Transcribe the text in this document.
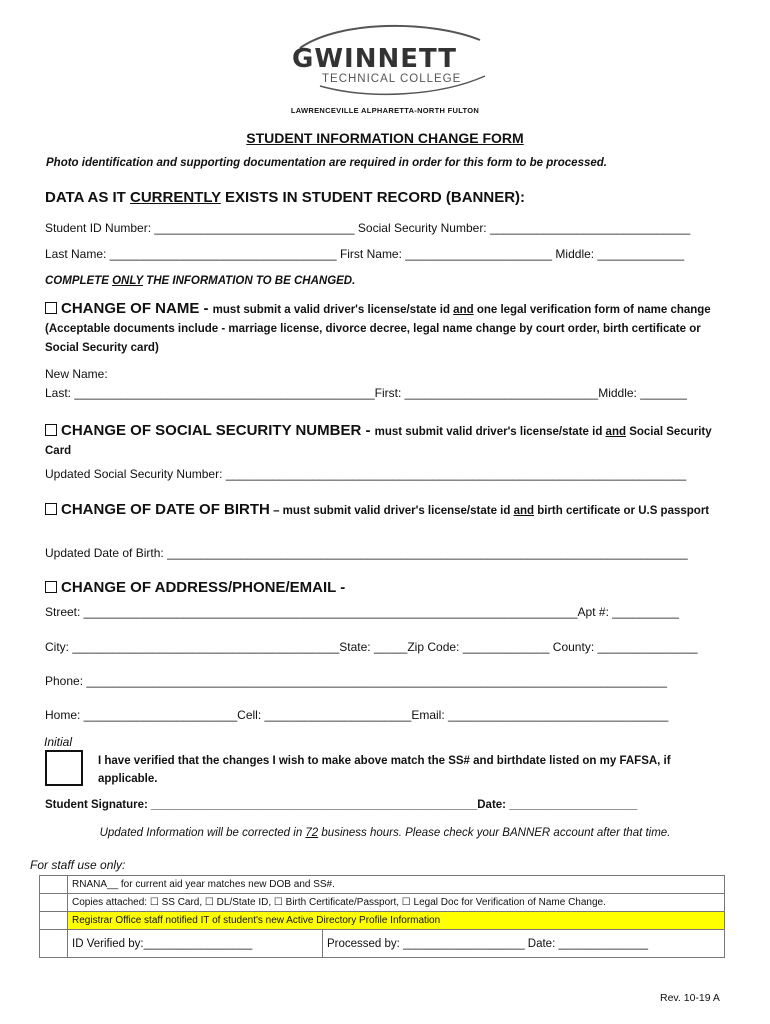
GWINNETT
TECHNICAL COLLEGE
LAWRENCEVILLE ALPHARETTA-NORTH FULTON
STUDENT INFORMATION CHANGE FORM
Photo identification and supporting documentation are required in order for this form to be processed.
DATA AS IT CURRENTLY EXISTS IN STUDENT RECORD (BANNER):
Student ID Number: ______________________________ Social Security Number: ______________________________
Last Name: __________________________________ First Name: ______________________ Middle: _____________
COMPLETE ONLY THE INFORMATION TO BE CHANGED.
CHANGE OF NAME - must submit a valid driver's license/state id and one legal verification form of name change (Acceptable documents include - marriage license, divorce decree, legal name change by court order, birth certificate or Social Security card)
New Name:
Last: _____________________________________________First: _____________________________Middle: _______
CHANGE OF SOCIAL SECURITY NUMBER - must submit valid driver's license/state id and Social Security Card
Updated Social Security Number: _____________________________________________________________________
CHANGE OF DATE OF BIRTH – must submit valid driver's license/state id and birth certificate or U.S passport
Updated Date of Birth: ______________________________________________________________________________
CHANGE OF ADDRESS/PHONE/EMAIL -
Street: __________________________________________________________________________Apt #: __________
City: ________________________________________State: _____Zip Code: _____________ County: _______________
Phone: _______________________________________________________________________________________
Home: _______________________Cell: ______________________Email: _________________________________
Initial
I have verified that the changes I wish to make above match the SS# and birthdate listed on my FAFSA, if applicable.
Student Signature: ___________________________________________________Date: ____________________
Updated Information will be corrected in 72 business hours. Please check your BANNER account after that time.
For staff use only:
	RNANA__ for current aid year matches new DOB and SS#.	
	Copies attached: ☐ SS Card, ☐ DL/State ID, ☐ Birth Certificate/Passport, ☐ Legal Doc for Verification of Name Change.	
	Registrar Office staff notified IT of student's new Active Directory Profile Information	
	ID Verified by:_________________	Processed by: ___________________ Date: ______________
Rev. 10-19 A
